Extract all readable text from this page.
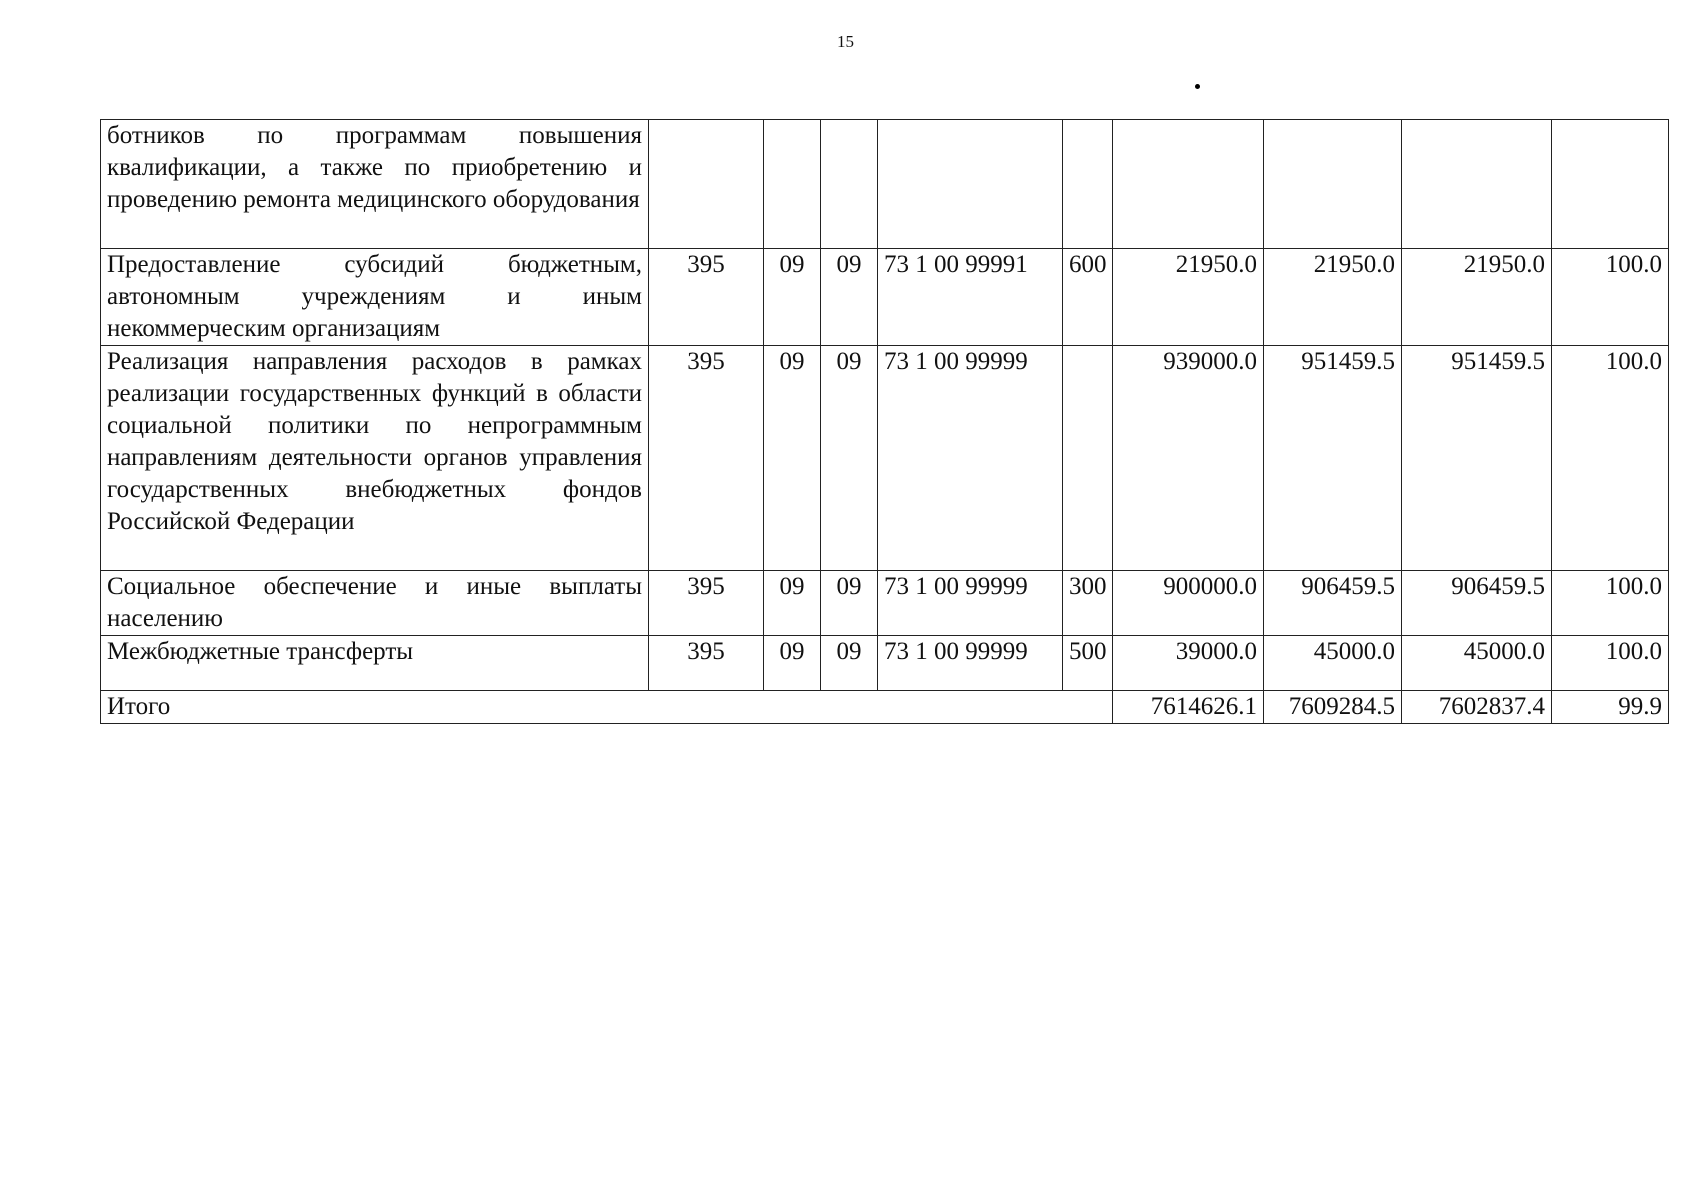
15
ботников по программам повышения квалификации, а также по приобретению и проведению ремонта медицинского оборудования									
Предоставление субсидий бюджетным, автономным учреждениям и иным некоммерческим организациям	395	09	09	73 1 00 99991	600	21950.0	21950.0	21950.0	100.0
Реализация направления расходов в рамках реализации государственных функций в области социальной политики по непрограммным направлениям деятельности органов управления государственных внебюджетных фондов Российской Федерации	395	09	09	73 1 00 99999		939000.0	951459.5	951459.5	100.0
Социальное обеспечение и иные выплаты населению	395	09	09	73 1 00 99999	300	900000.0	906459.5	906459.5	100.0
Межбюджетные трансферты	395	09	09	73 1 00 99999	500	39000.0	45000.0	45000.0	100.0
Итого						7614626.1	7609284.5	7602837.4	99.9
